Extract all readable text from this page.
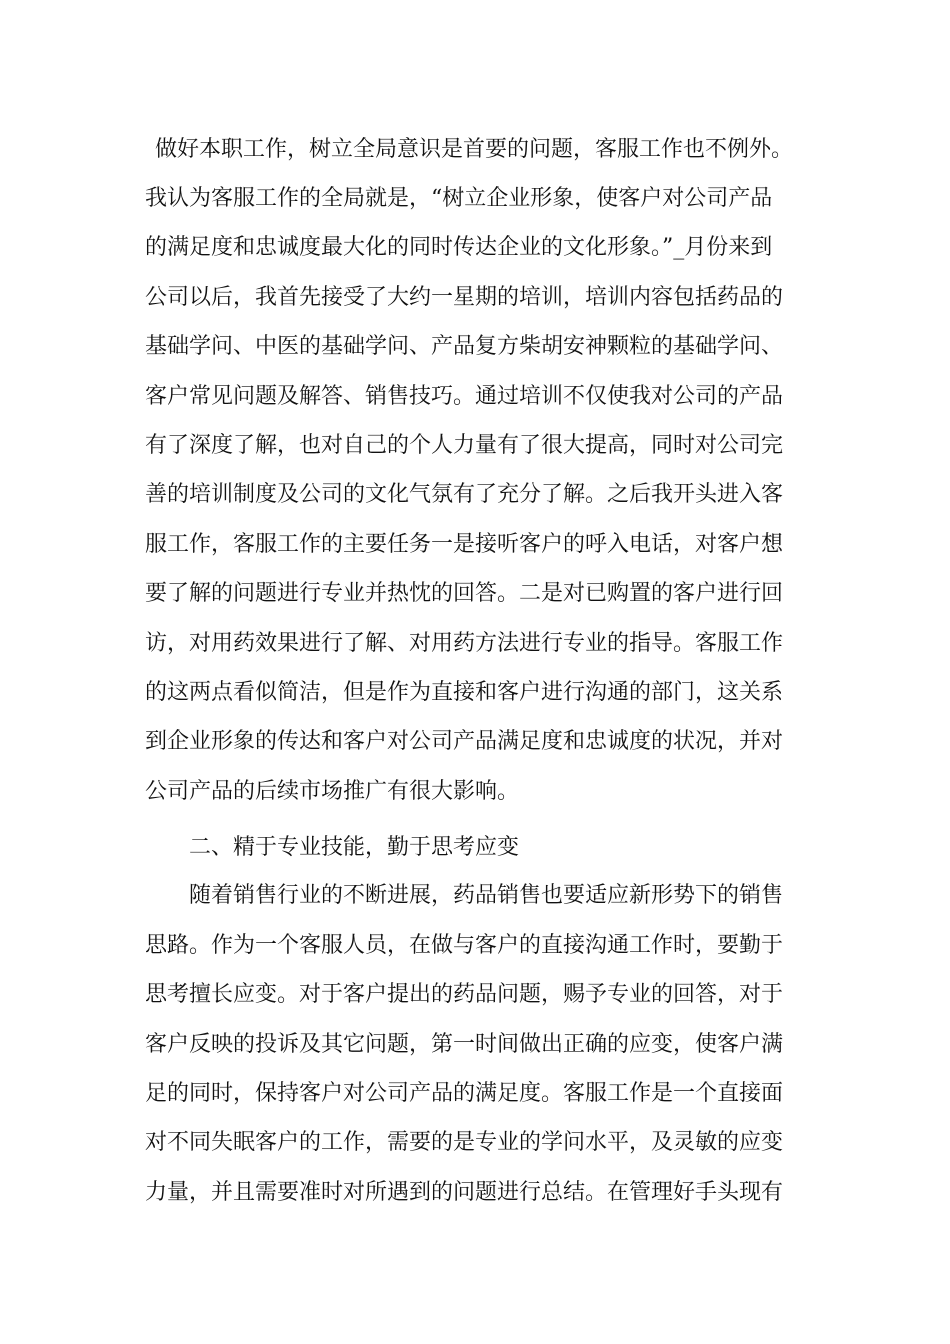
做好本职工作，树立全局意识是首要的问题，客服工作也不例外。
我认为客服工作的全局就是，“树立企业形象，使客户对公司产品
的满足度和忠诚度最大化的同时传达企业的文化形象。”_月份来到
公司以后，我首先接受了大约一星期的培训，培训内容包括药品的
基础学问、中医的基础学问、产品复方柴胡安神颗粒的基础学问、
客户常见问题及解答、销售技巧。通过培训不仅使我对公司的产品
有了深度了解，也对自己的个人力量有了很大提高，同时对公司完
善的培训制度及公司的文化气氛有了充分了解。之后我开头进入客
服工作，客服工作的主要任务一是接听客户的呼入电话，对客户想
要了解的问题进行专业并热忱的回答。二是对已购置的客户进行回
访，对用药效果进行了解、对用药方法进行专业的指导。客服工作
的这两点看似简洁，但是作为直接和客户进行沟通的部门，这关系
到企业形象的传达和客户对公司产品满足度和忠诚度的状况，并对
公司产品的后续市场推广有很大影响。
二、精于专业技能，勤于思考应变
随着销售行业的不断进展，药品销售也要适应新形势下的销售
思路。作为一个客服人员，在做与客户的直接沟通工作时，要勤于
思考擅长应变。对于客户提出的药品问题，赐予专业的回答，对于
客户反映的投诉及其它问题，第一时间做出正确的应变，使客户满
足的同时，保持客户对公司产品的满足度。客服工作是一个直接面
对不同失眠客户的工作，需要的是专业的学问水平，及灵敏的应变
力量，并且需要准时对所遇到的问题进行总结。在管理好手头现有
